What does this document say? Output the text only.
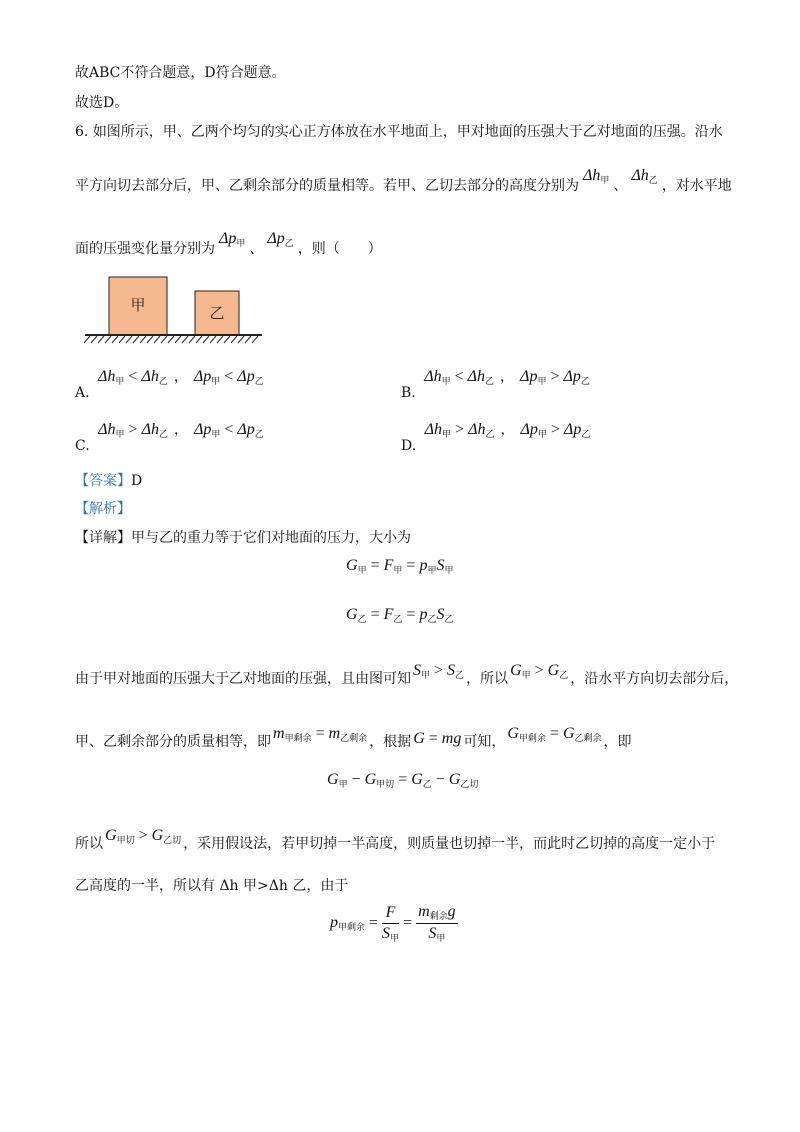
故ABC不符合题意，D符合题意。
故选D。
6. 如图所示，甲、乙两个均匀的实心正方体放在水平地面上，甲对地面的压强大于乙对地面的压强。沿水
平方向切去部分后，甲、乙剩余部分的质量相等。若甲、乙切去部分的高度分别为$\Delta h_甲$ 、$\Delta h_乙$ ，对水平地
面的压强变化量分别为$\Delta p_甲$ 、$\Delta p_乙$ ，则（　　）
甲	乙
A. $\Delta h_甲 < \Delta h_乙$ ， $\Delta p_甲 < \Delta p_乙$
B. $\Delta h_甲 < \Delta h_乙$ ， $\Delta p_甲 > \Delta p_乙$
C. $\Delta h_甲 > \Delta h_乙$ ， $\Delta p_甲 < \Delta p_乙$
D. $\Delta h_甲 > \Delta h_乙$ ， $\Delta p_甲 > \Delta p_乙$
【答案】D
【解析】
【详解】甲与乙的重力等于它们对地面的压力，大小为
$G_甲 = F_甲 = p_甲S_甲$
$G_乙 = F_乙 = p_乙S_乙$
由于甲对地面的压强大于乙对地面的压强，且由图可知 $S_甲 > S_乙$ ，所以 $G_甲 > G_乙$ ，沿水平方向切去部分后，
甲、乙剩余部分的质量相等，即 $m_{甲剩余} = m_{乙剩余}$ ，根据 G = mg 可知， $G_{甲剩余} = G_{乙剩余}$ ，即
$G_甲 - G_{甲切} = G_乙 - G_{乙切}$
所以 $G_{甲切} > G_{乙切}$ ，采用假设法，若甲切掉一半高度，则质量也切掉一半，而此时乙切掉的高度一定小于
乙高度的一半，所以有 Δh 甲>Δh 乙，由于
$p_{甲剩余} = \frac{F}{S_甲} = \frac{m_{剩余}g}{S_甲}$
